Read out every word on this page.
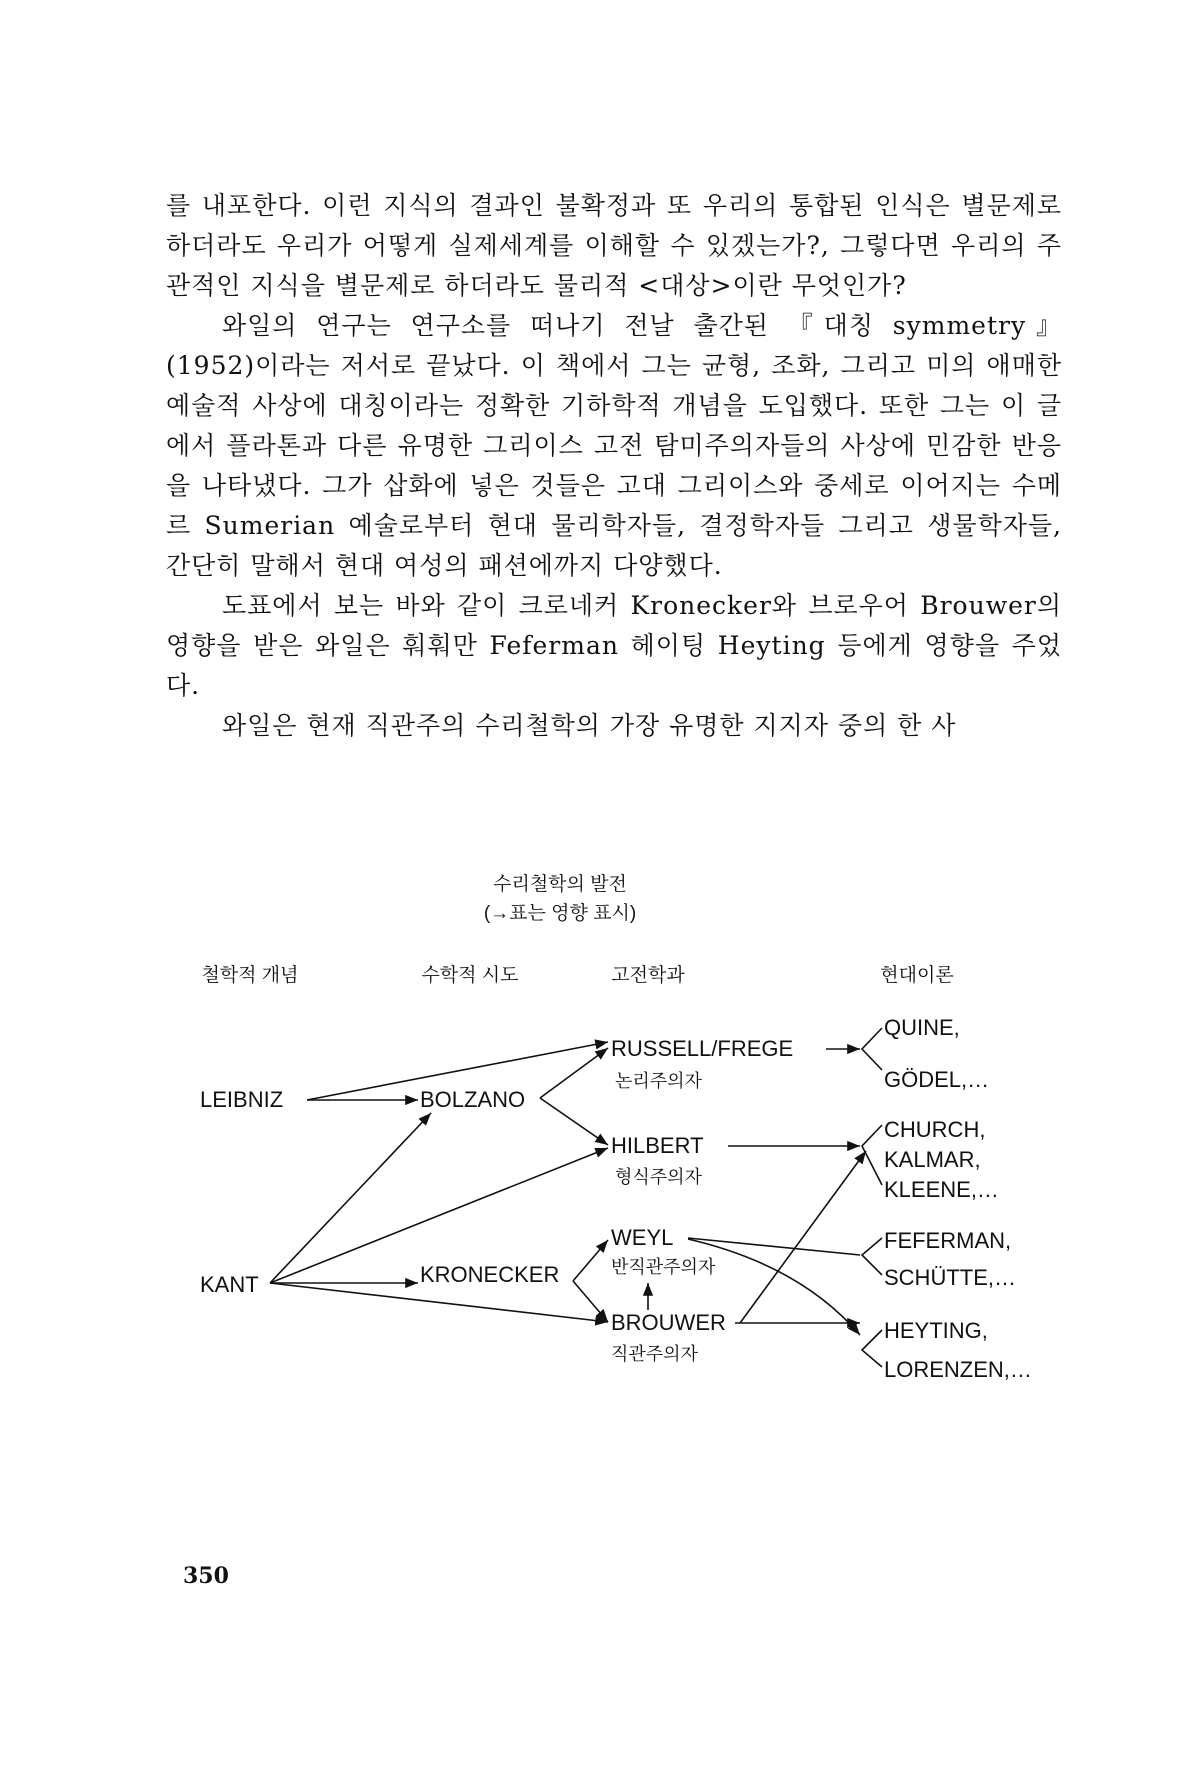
를 내포한다. 이런 지식의 결과인 불확정과 또 우리의 통합된 인식은 별문제로 하더라도 우리가 어떻게 실제세계를 이해할 수 있겠는가?, 그렇다면 우리의 주관적인 지식을 별문제로 하더라도 물리적 <대상>이란 무엇인가?

와일의 연구는 연구소를 떠나기 전날 출간된 『대칭 symmetry』(1952)이라는 저서로 끝났다. 이 책에서 그는 균형, 조화, 그리고 미의 애매한 예술적 사상에 대칭이라는 정확한 기하학적 개념을 도입했다. 또한 그는 이 글에서 플라톤과 다른 유명한 그리이스 고전 탐미주의자들의 사상에 민감한 반응을 나타냈다. 그가 삽화에 넣은 것들은 고대 그리이스와 중세로 이어지는 수메르 Sumerian 예술로부터 현대 물리학자들, 결정학자들 그리고 생물학자들, 간단히 말해서 현대 여성의 패션에까지 다양했다.

도표에서 보는 바와 같이 크로네커 Kronecker와 브로우어 Brouwer의 영향을 받은 와일은 훠훠만 Feferman 헤이팅 Heyting 등에게 영향을 주었다.

와일은 현재 직관주의 수리철학의 가장 유명한 지지자 중의 한 사

수리철학의 발전
(→표는 영향 표시)
철학적 개념	수학적 시도	고전학과	현대이론
LEIBNIZ
KANT
BOLZANO
KRONECKER
RUSSELL/FREGE
논리주의자
HILBERT
형식주의자
WEYL
반직관주의자
BROUWER
직관주의자
QUINE,
GÖDEL,…
CHURCH,
KALMAR,
KLEENE,…
FEFERMAN,
SCHÜTTE,…
HEYTING,
LORENZEN,…
350
